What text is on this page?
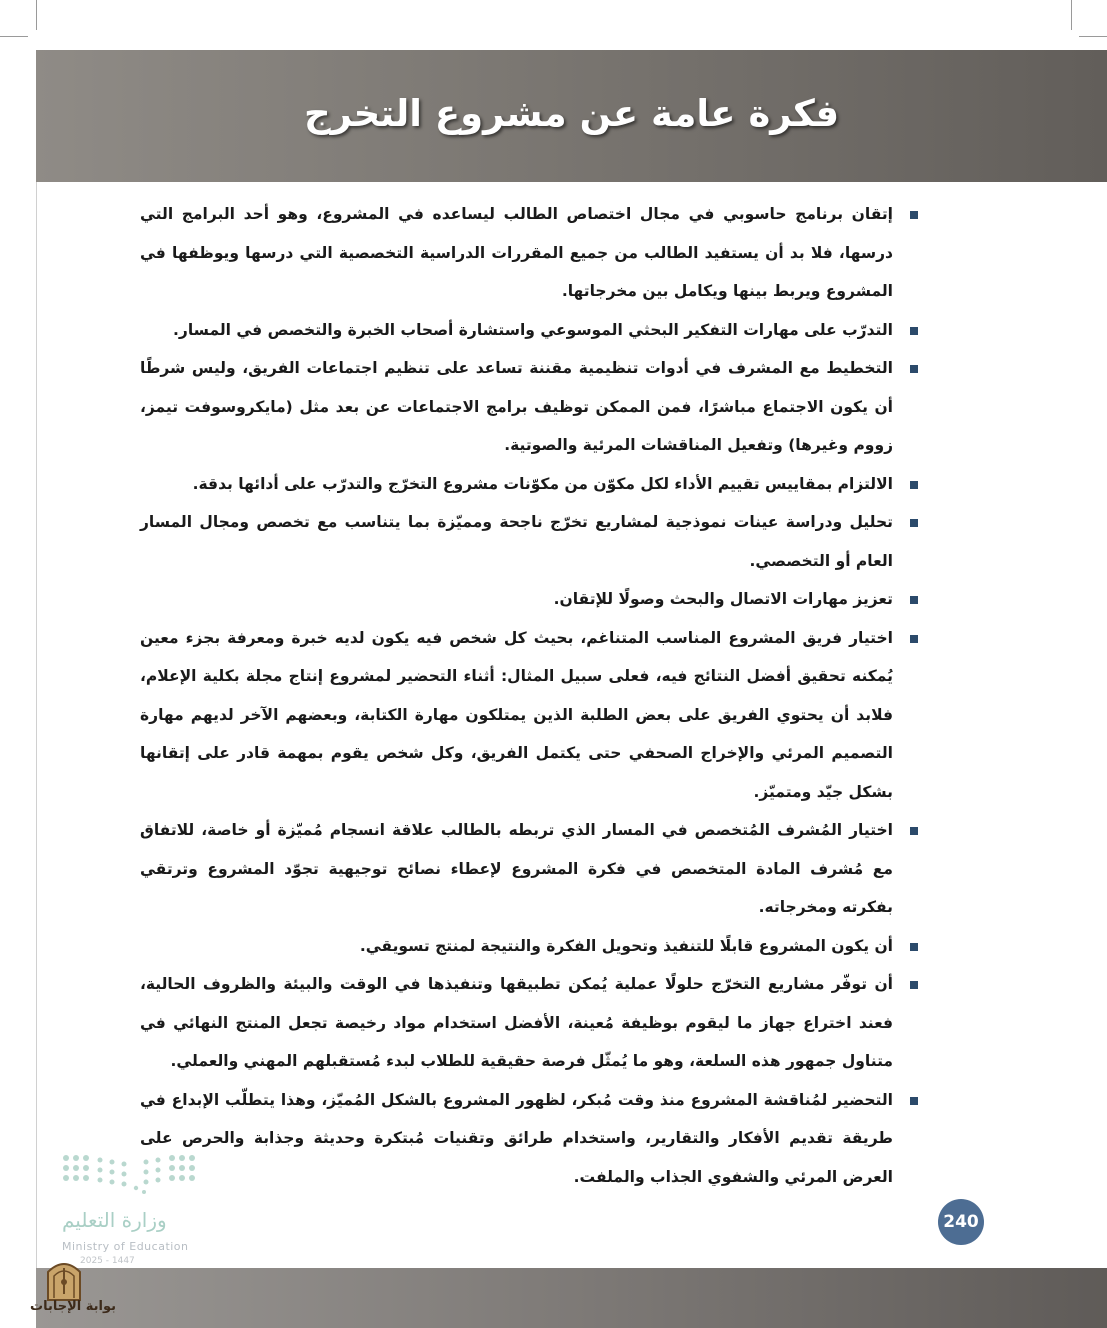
فكرة عامة عن مشروع التخرج
إتقان برنامج حاسوبي في مجال اختصاص الطالب ليساعده في المشروع، وهو أحد البرامج التي درسها، فلا بد أن يستفيد الطالب من جميع المقررات الدراسية التخصصية التي درسها ويوظفها في المشروع ويربط بينها ويكامل بين مخرجاتها.
التدرّب على مهارات التفكير البحثي الموسوعي واستشارة أصحاب الخبرة والتخصص في المسار.
التخطيط مع المشرف في أدوات تنظيمية مقننة تساعد على تنظيم اجتماعات الفريق، وليس شرطًا أن يكون الاجتماع مباشرًا، فمن الممكن توظيف برامج الاجتماعات عن بعد مثل (مايكروسوفت تيمز، زووم وغيرها) وتفعيل المناقشات المرئية والصوتية.
الالتزام بمقاييس تقييم الأداء لكل مكوّن من مكوّنات مشروع التخرّج والتدرّب على أدائها بدقة.
تحليل ودراسة عينات نموذجية لمشاريع تخرّج ناجحة ومميّزة بما يتناسب مع تخصص ومجال المسار العام أو التخصصي.
تعزيز مهارات الاتصال والبحث وصولًا للإتقان.
اختيار فريق المشروع المناسب المتناغم، بحيث كل شخص فيه يكون لديه خبرة ومعرفة بجزء معين يُمكنه تحقيق أفضل النتائج فيه، فعلى سبيل المثال: أثناء التحضير لمشروع إنتاج مجلة بكلية الإعلام، فلابد أن يحتوي الفريق على بعض الطلبة الذين يمتلكون مهارة الكتابة، وبعضهم الآخر لديهم مهارة التصميم المرئي والإخراج الصحفي حتى يكتمل الفريق، وكل شخص يقوم بمهمة قادر على إتقانها بشكل جيّد ومتميّز.
اختيار المُشرف المُتخصص في المسار الذي تربطه بالطالب علاقة انسجام مُميّزة أو خاصة، للاتفاق مع مُشرف المادة المتخصص في فكرة المشروع لإعطاء نصائح توجيهية تجوّد المشروع وترتقي بفكرته ومخرجاته.
أن يكون المشروع قابلًا للتنفيذ وتحويل الفكرة والنتيجة لمنتج تسويقي.
أن توفّر مشاريع التخرّج حلولًا عملية يُمكن تطبيقها وتنفيذها في الوقت والبيئة والظروف الحالية، فعند اختراع جهاز ما ليقوم بوظيفة مُعينة، الأفضل استخدام مواد رخيصة تجعل المنتج النهائي في متناول جمهور هذه السلعة، وهو ما يُمثّل فرصة حقيقية للطلاب لبدء مُستقبلهم المهني والعملي.
التحضير لمُناقشة المشروع منذ وقت مُبكر، لظهور المشروع بالشكل المُميّز، وهذا يتطلّب الإبداع في طريقة تقديم الأفكار والتقارير، واستخدام طرائق وتقنيات مُبتكرة وحديثة وجذابة والحرص على العرض المرئي والشفوي الجذاب والملفت.
وزارة التعليم
Ministry of Education
2025 - 1447
240
بوابة الإجابات
